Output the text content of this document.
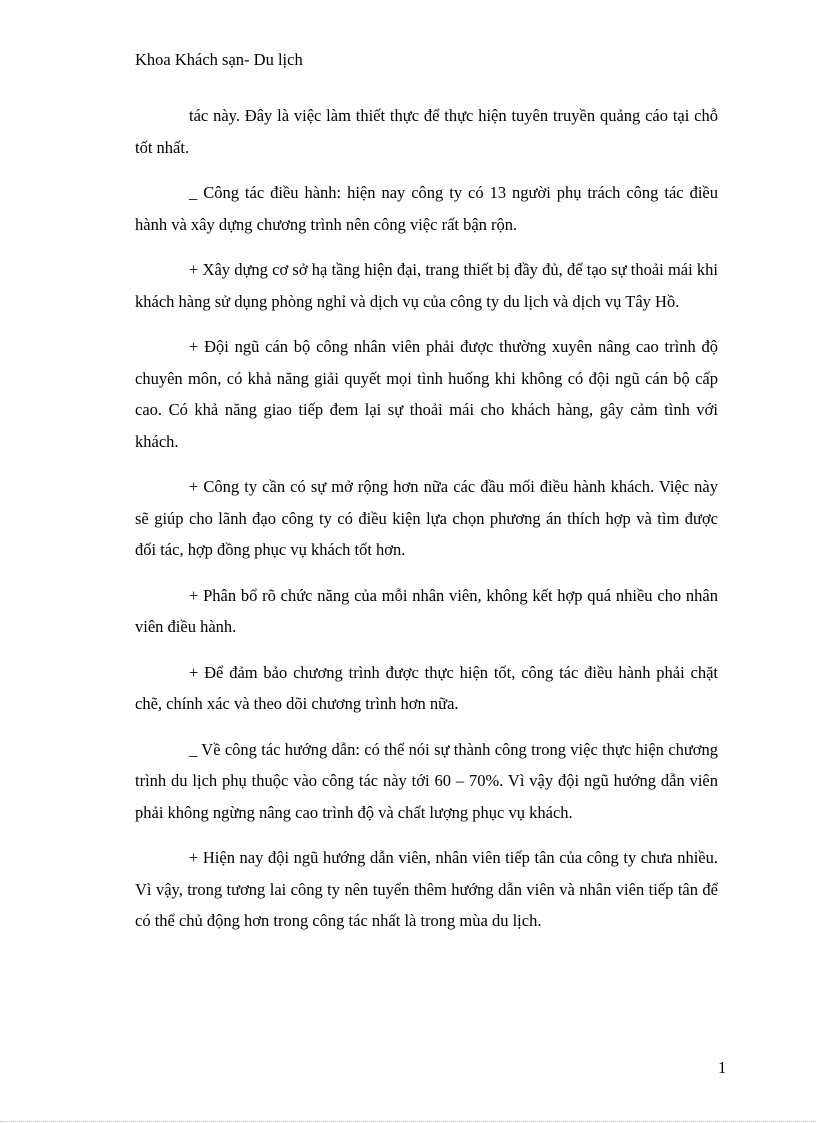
Khoa Khách sạn- Du lịch

tác này. Đây là việc làm thiết thực để thực hiện tuyên truyền quảng cáo tại chỗ tốt nhất.

_ Công tác điều hành: hiện nay công ty có 13 người phụ trách công tác điều hành và xây dựng chương trình nên công việc rất bận rộn.

+ Xây dựng cơ sở hạ tầng hiện đại, trang thiết bị đầy đủ, để tạo sự thoải mái khi khách hàng sử dụng phòng nghỉ và dịch vụ của công ty du lịch và dịch vụ Tây Hồ.

+ Đội ngũ cán bộ công nhân viên phải được thường xuyên nâng cao trình độ chuyên môn, có khả năng giải quyết mọi tình huống khi không có đội ngũ cán bộ cấp cao. Có khả năng giao tiếp đem lại sự thoải mái cho khách hàng, gây cảm tình với khách.

+ Công ty cần có sự mở rộng hơn nữa các đầu mối điều hành khách. Việc này sẽ giúp cho lãnh đạo công ty có điều kiện lựa chọn phương án thích hợp và tìm được đối tác, hợp đồng phục vụ khách tốt hơn.

+ Phân bổ rõ chức năng của mỗi nhân viên, không kết hợp quá nhiều cho nhân viên điều hành.

+ Để đảm bảo chương trình được thực hiện tốt, công tác điều hành phải chặt chẽ, chính xác và theo dõi chương trình hơn nữa.

_ Về công tác hướng dẫn: có thể nói sự thành công trong việc thực hiện chương trình du lịch phụ thuộc vào công tác này tới 60 – 70%. Vì vậy đội ngũ hướng dẫn viên phải không ngừng nâng cao trình độ và chất lượng phục vụ khách.

+ Hiện nay đội ngũ hướng dẫn viên, nhân viên tiếp tân của công ty chưa nhiều. Vì vậy, trong tương lai công ty nên tuyển thêm hướng dẫn viên và nhân viên tiếp tân để có thể chủ động hơn trong công tác nhất là trong mùa du lịch.

1
